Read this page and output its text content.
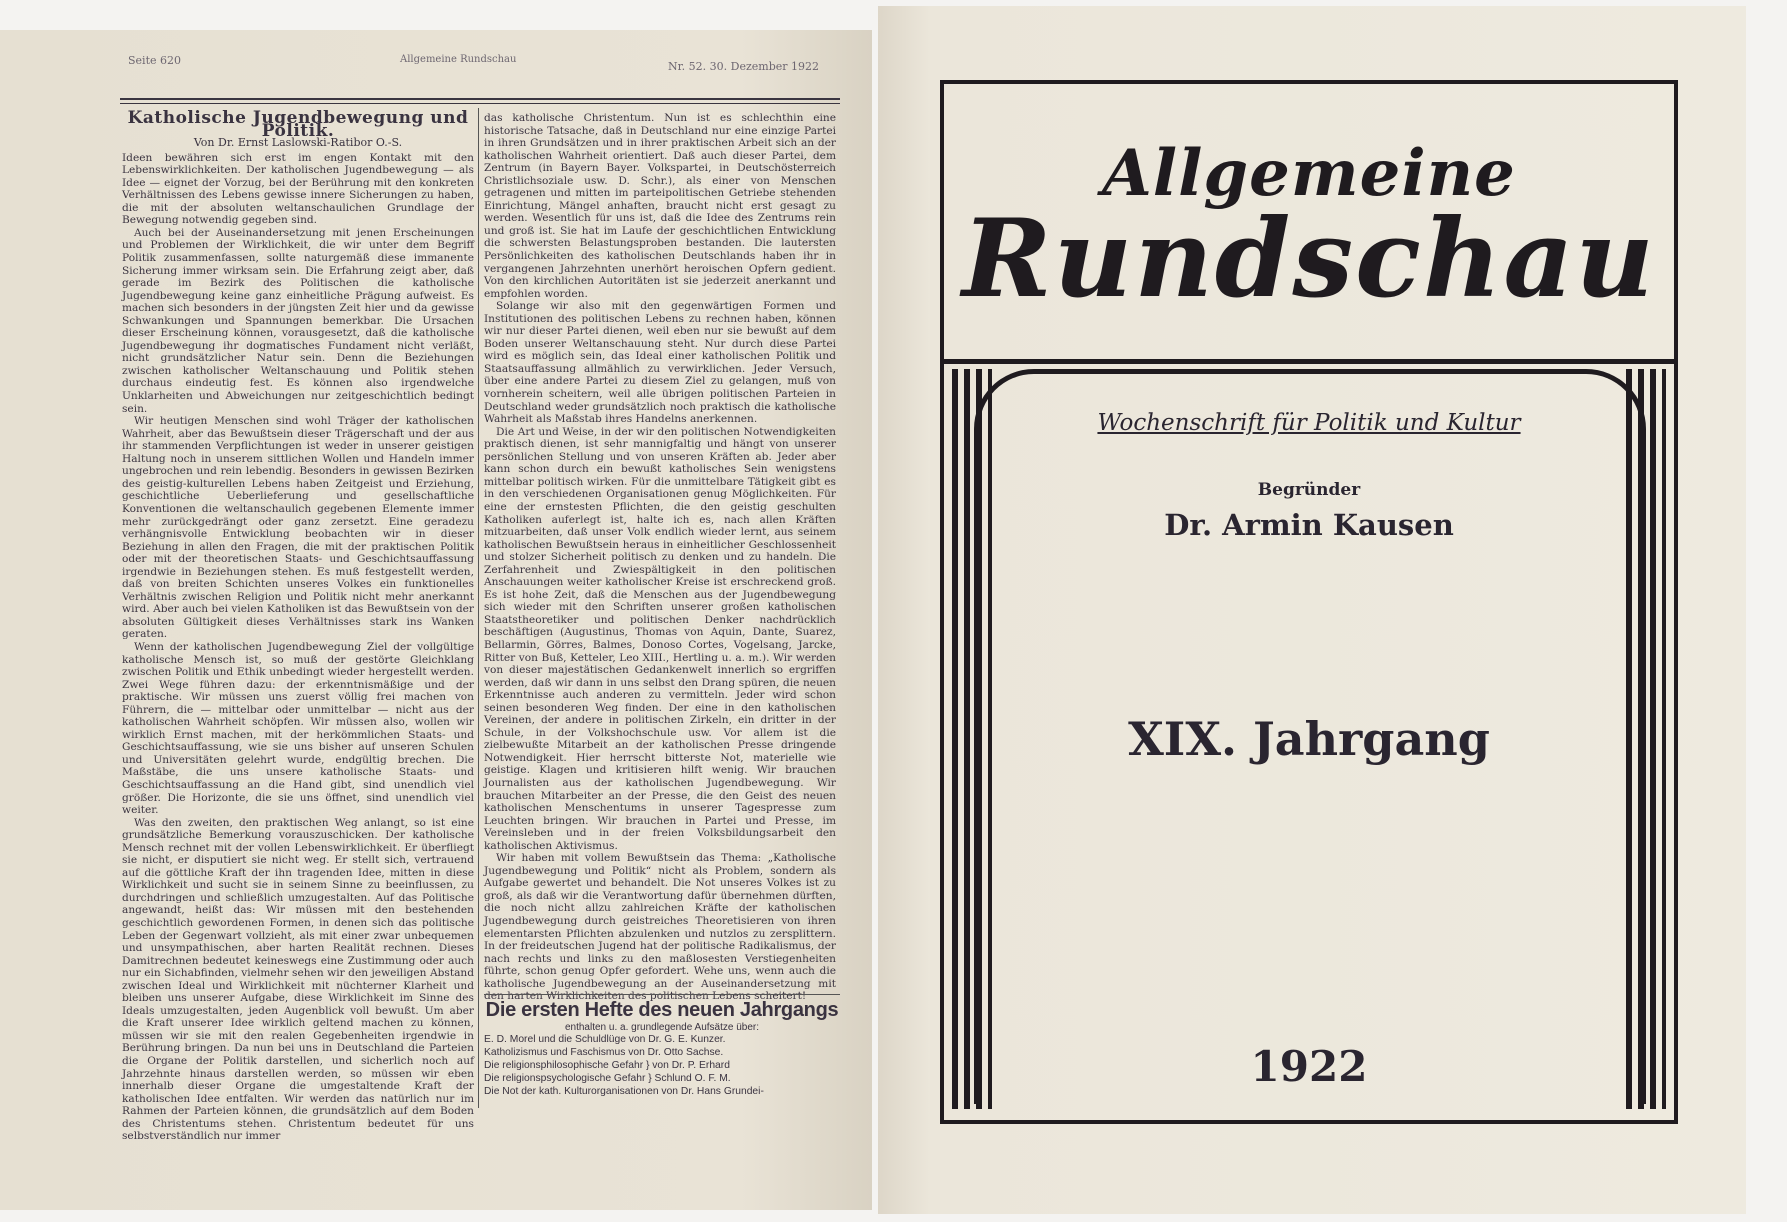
Seite 620	Allgemeine Rundschau
Nr. 52. 30. Dezember 1922
Katholische Jugendbewegung und Politik.
Von Dr. Ernst Laslowski-Ratibor O.-S.

Ideen bewähren sich erst im engen Kontakt mit den Lebenswirklichkeiten. Der katholischen Jugendbewegung — als Idee — eignet der Vorzug, bei der Berührung mit den konkreten Verhältnissen des Lebens gewisse innere Sicherungen zu haben, die mit der absoluten weltanschaulichen Grundlage der Bewegung notwendig gegeben sind.

Auch bei der Auseinandersetzung mit jenen Erscheinungen und Problemen der Wirklichkeit, die wir unter dem Begriff Politik zusammenfassen, sollte naturgemäß diese immanente Sicherung immer wirksam sein. Die Erfahrung zeigt aber, daß gerade im Bezirk des Politischen die katholische Jugendbewegung keine ganz einheitliche Prägung aufweist. Es machen sich besonders in der jüngsten Zeit hier und da gewisse Schwankungen und Spannungen bemerkbar. Die Ursachen dieser Erscheinung können, vorausgesetzt, daß die katholische Jugendbewegung ihr dogmatisches Fundament nicht verläßt, nicht grundsätzlicher Natur sein. Denn die Beziehungen zwischen katholischer Weltanschauung und Politik stehen durchaus eindeutig fest. Es können also irgendwelche Unklarheiten und Abweichungen nur zeitgeschichtlich bedingt sein.

Wir heutigen Menschen sind wohl Träger der katholischen Wahrheit, aber das Bewußtsein dieser Trägerschaft und der aus ihr stammenden Verpflichtungen ist weder in unserer geistigen Haltung noch in unserem sittlichen Wollen und Handeln immer ungebrochen und rein lebendig. Besonders in gewissen Bezirken des geistig-kulturellen Lebens haben Zeitgeist und Erziehung, geschichtliche Ueberlieferung und gesellschaftliche Konventionen die weltanschaulich gegebenen Elemente immer mehr zurückgedrängt oder ganz zersetzt. Eine geradezu verhängnisvolle Entwicklung beobachten wir in dieser Beziehung in allen den Fragen, die mit der praktischen Politik oder mit der theoretischen Staats- und Geschichtsauffassung irgendwie in Beziehungen stehen. Es muß festgestellt werden, daß von breiten Schichten unseres Volkes ein funktionelles Verhältnis zwischen Religion und Politik nicht mehr anerkannt wird. Aber auch bei vielen Katholiken ist das Bewußtsein von der absoluten Gültigkeit dieses Verhältnisses stark ins Wanken geraten.

Wenn der katholischen Jugendbewegung Ziel der vollgültige katholische Mensch ist, so muß der gestörte Gleichklang zwischen Politik und Ethik unbedingt wieder hergestellt werden. Zwei Wege führen dazu: der erkenntnismäßige und der praktische. Wir müssen uns zuerst völlig frei machen von Führern, die — mittelbar oder unmittelbar — nicht aus der katholischen Wahrheit schöpfen. Wir müssen also, wollen wir wirklich Ernst machen, mit der herkömmlichen Staats- und Geschichtsauffassung, wie sie uns bisher auf unseren Schulen und Universitäten gelehrt wurde, endgültig brechen. Die Maßstäbe, die uns unsere katholische Staats- und Geschichtsauffassung an die Hand gibt, sind unendlich viel größer. Die Horizonte, die sie uns öffnet, sind unendlich viel weiter.

Was den zweiten, den praktischen Weg anlangt, so ist eine grundsätzliche Bemerkung vorauszuschicken. Der katholische Mensch rechnet mit der vollen Lebenswirklichkeit. Er überfliegt sie nicht, er disputiert sie nicht weg. Er stellt sich, vertrauend auf die göttliche Kraft der ihn tragenden Idee, mitten in diese Wirklichkeit und sucht sie in seinem Sinne zu beeinflussen, zu durchdringen und schließlich umzugestalten. Auf das Politische angewandt, heißt das: Wir müssen mit den bestehenden geschichtlich gewordenen Formen, in denen sich das politische Leben der Gegenwart vollzieht, als mit einer zwar unbequemen und unsympathischen, aber harten Realität rechnen. Dieses Damitrechnen bedeutet keineswegs eine Zustimmung oder auch nur ein Sichabfinden, vielmehr sehen wir den jeweiligen Abstand zwischen Ideal und Wirklichkeit mit nüchterner Klarheit und bleiben uns unserer Aufgabe, diese Wirklichkeit im Sinne des Ideals umzugestalten, jeden Augenblick voll bewußt. Um aber die Kraft unserer Idee wirklich geltend machen zu können, müssen wir sie mit den realen Gegebenheiten irgendwie in Berührung bringen. Da nun bei uns in Deutschland die Parteien die Organe der Politik darstellen, und sicherlich noch auf Jahrzehnte hinaus darstellen werden, so müssen wir eben innerhalb dieser Organe die umgestaltende Kraft der katholischen Idee entfalten. Wir werden das natürlich nur im Rahmen der Parteien können, die grundsätzlich auf dem Boden des Christentums stehen. Christentum bedeutet für uns selbstverständlich nur immer

das katholische Christentum. Nun ist es schlechthin eine historische Tatsache, daß in Deutschland nur eine einzige Partei in ihren Grundsätzen und in ihrer praktischen Arbeit sich an der katholischen Wahrheit orientiert. Daß auch dieser Partei, dem Zentrum (in Bayern Bayer. Volkspartei, in Deutschösterreich Christlichsoziale usw. D. Schr.), als einer von Menschen getragenen und mitten im parteipolitischen Getriebe stehenden Einrichtung, Mängel anhaften, braucht nicht erst gesagt zu werden. Wesentlich für uns ist, daß die Idee des Zentrums rein und groß ist. Sie hat im Laufe der geschichtlichen Entwicklung die schwersten Belastungsproben bestanden. Die lautersten Persönlichkeiten des katholischen Deutschlands haben ihr in vergangenen Jahrzehnten unerhört heroischen Opfern gedient. Von den kirchlichen Autoritäten ist sie jederzeit anerkannt und empfohlen worden.

Solange wir also mit den gegenwärtigen Formen und Institutionen des politischen Lebens zu rechnen haben, können wir nur dieser Partei dienen, weil eben nur sie bewußt auf dem Boden unserer Weltanschauung steht. Nur durch diese Partei wird es möglich sein, das Ideal einer katholischen Politik und Staatsauffassung allmählich zu verwirklichen. Jeder Versuch, über eine andere Partei zu diesem Ziel zu gelangen, muß von vornherein scheitern, weil alle übrigen politischen Parteien in Deutschland weder grundsätzlich noch praktisch die katholische Wahrheit als Maßstab ihres Handelns anerkennen.

Die Art und Weise, in der wir den politischen Notwendigkeiten praktisch dienen, ist sehr mannigfaltig und hängt von unserer persönlichen Stellung und von unseren Kräften ab. Jeder aber kann schon durch ein bewußt katholisches Sein wenigstens mittelbar politisch wirken. Für die unmittelbare Tätigkeit gibt es in den verschiedenen Organisationen genug Möglichkeiten. Für eine der ernstesten Pflichten, die den geistig geschulten Katholiken auferlegt ist, halte ich es, nach allen Kräften mitzuarbeiten, daß unser Volk endlich wieder lernt, aus seinem katholischen Bewußtsein heraus in einheitlicher Geschlossenheit und stolzer Sicherheit politisch zu denken und zu handeln. Die Zerfahrenheit und Zwiespältigkeit in den politischen Anschauungen weiter katholischer Kreise ist erschreckend groß. Es ist hohe Zeit, daß die Menschen aus der Jugendbewegung sich wieder mit den Schriften unserer großen katholischen Staatstheoretiker und politischen Denker nachdrücklich beschäftigen (Augustinus, Thomas von Aquin, Dante, Suarez, Bellarmin, Görres, Balmes, Donoso Cortes, Vogelsang, Jarcke, Ritter von Buß, Ketteler, Leo XIII., Hertling u. a. m.). Wir werden von dieser majestätischen Gedankenwelt innerlich so ergriffen werden, daß wir dann in uns selbst den Drang spüren, die neuen Erkenntnisse auch anderen zu vermitteln. Jeder wird schon seinen besonderen Weg finden. Der eine in den katholischen Vereinen, der andere in politischen Zirkeln, ein dritter in der Schule, in der Volkshochschule usw. Vor allem ist die zielbewußte Mitarbeit an der katholischen Presse dringende Notwendigkeit. Hier herrscht bitterste Not, materielle wie geistige. Klagen und kritisieren hilft wenig. Wir brauchen Journalisten aus der katholischen Jugendbewegung. Wir brauchen Mitarbeiter an der Presse, die den Geist des neuen katholischen Menschentums in unserer Tagespresse zum Leuchten bringen. Wir brauchen in Partei und Presse, im Vereinsleben und in der freien Volksbildungsarbeit den katholischen Aktivismus.

Wir haben mit vollem Bewußtsein das Thema: „Katholische Jugendbewegung und Politik“ nicht als Problem, sondern als Aufgabe gewertet und behandelt. Die Not unseres Volkes ist zu groß, als daß wir die Verantwortung dafür übernehmen dürften, die noch nicht allzu zahlreichen Kräfte der katholischen Jugendbewegung durch geistreiches Theoretisieren von ihren elementarsten Pflichten abzulenken und nutzlos zu zersplittern. In der freideutschen Jugend hat der politische Radikalismus, der nach rechts und links zu den maßlosesten Verstiegenheiten führte, schon genug Opfer gefordert. Wehe uns, wenn auch die katholische Jugendbewegung an der Auseinandersetzung mit den harten Wirklichkeiten des politischen Lebens scheitert!

Die ersten Hefte des neuen Jahrgangs
enthalten u. a. grundlegende Aufsätze über:
E. D. Morel und die Schuldlüge von Dr. G. E. Kunzer.
Katholizismus und Faschismus von Dr. Otto Sachse.
Die religionsphilosophische Gefahr } von Dr. P. Erhard
Die religionspsychologische Gefahr } Schlund O. F. M.
Die Not der kath. Kulturorganisationen von Dr. Hans Grundei-
Allgemeine
Rundschau
Wochenschrift für Politik und Kultur
Begründer
Dr. Armin Kausen
XIX. Jahrgang
1922
